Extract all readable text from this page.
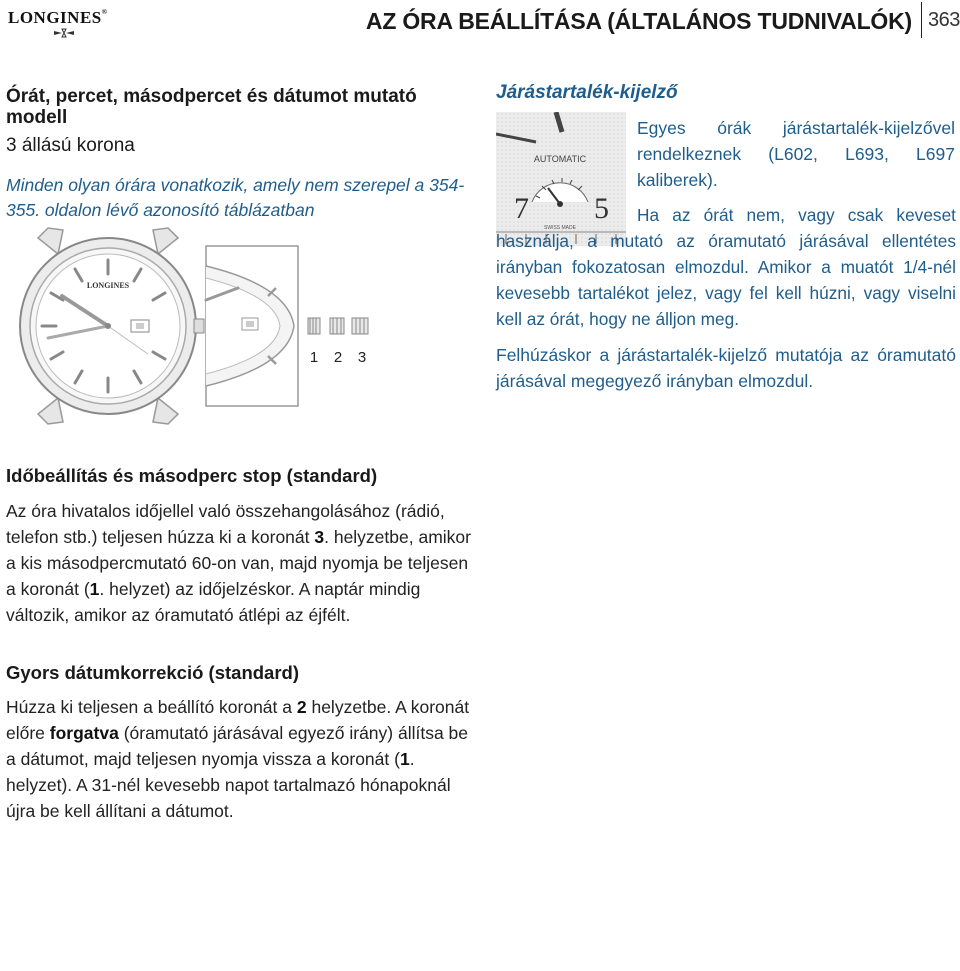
LONGINES®	AZ ÓRA BEÁLLÍTÁSA (ÁLTALÁNOS TUDNIVALÓK) 363
Órát, percet, másodpercet és dátumot mutató modell
3 állású korona
Minden olyan órára vonatkozik, amely nem szerepel a 354-355. oldalon lévő azonosító táblázatban
LONGINES
1 2 3
Járástartalék-kijelző
AUTOMATIC
7 5
SWISS MADE
Egyes órák járástartalék-kijelzővel rendelkeznek (L602, L693, L697 kaliberek).
Ha az órát nem, vagy csak keveset használja, a mutató az óramutató járásával ellentétes irányban fokozatosan elmozdul. Amikor a muatót 1/4-nél kevesebb tartalékot jelez, vagy fel kell húzni, vagy viselni kell az órát, hogy ne álljon meg.
Felhúzáskor a járástartalék-kijelző mutatója az óramutató járásával megegyező irányban elmozdul.
Időbeállítás és másodperc stop (standard)
Az óra hivatalos időjellel való összehangolásához (rádió, telefon stb.) teljesen húzza ki a koronát 3. helyzetbe, amikor a kis másodpercmutató 60-on van, majd nyomja be teljesen a koronát (1. helyzet) az időjelzéskor. A naptár mindig változik, amikor az óramutató átlépi az éjfélt.
Gyors dátumkorrekció (standard)
Húzza ki teljesen a beállító koronát a 2 helyzetbe. A koronát előre forgatva (óramutató járásával egyező irány) állítsa be a dátumot, majd teljesen nyomja vissza a koronát (1. helyzet). A 31-nél kevesebb napot tartalmazó hónapoknál újra be kell állítani a dátumot.
